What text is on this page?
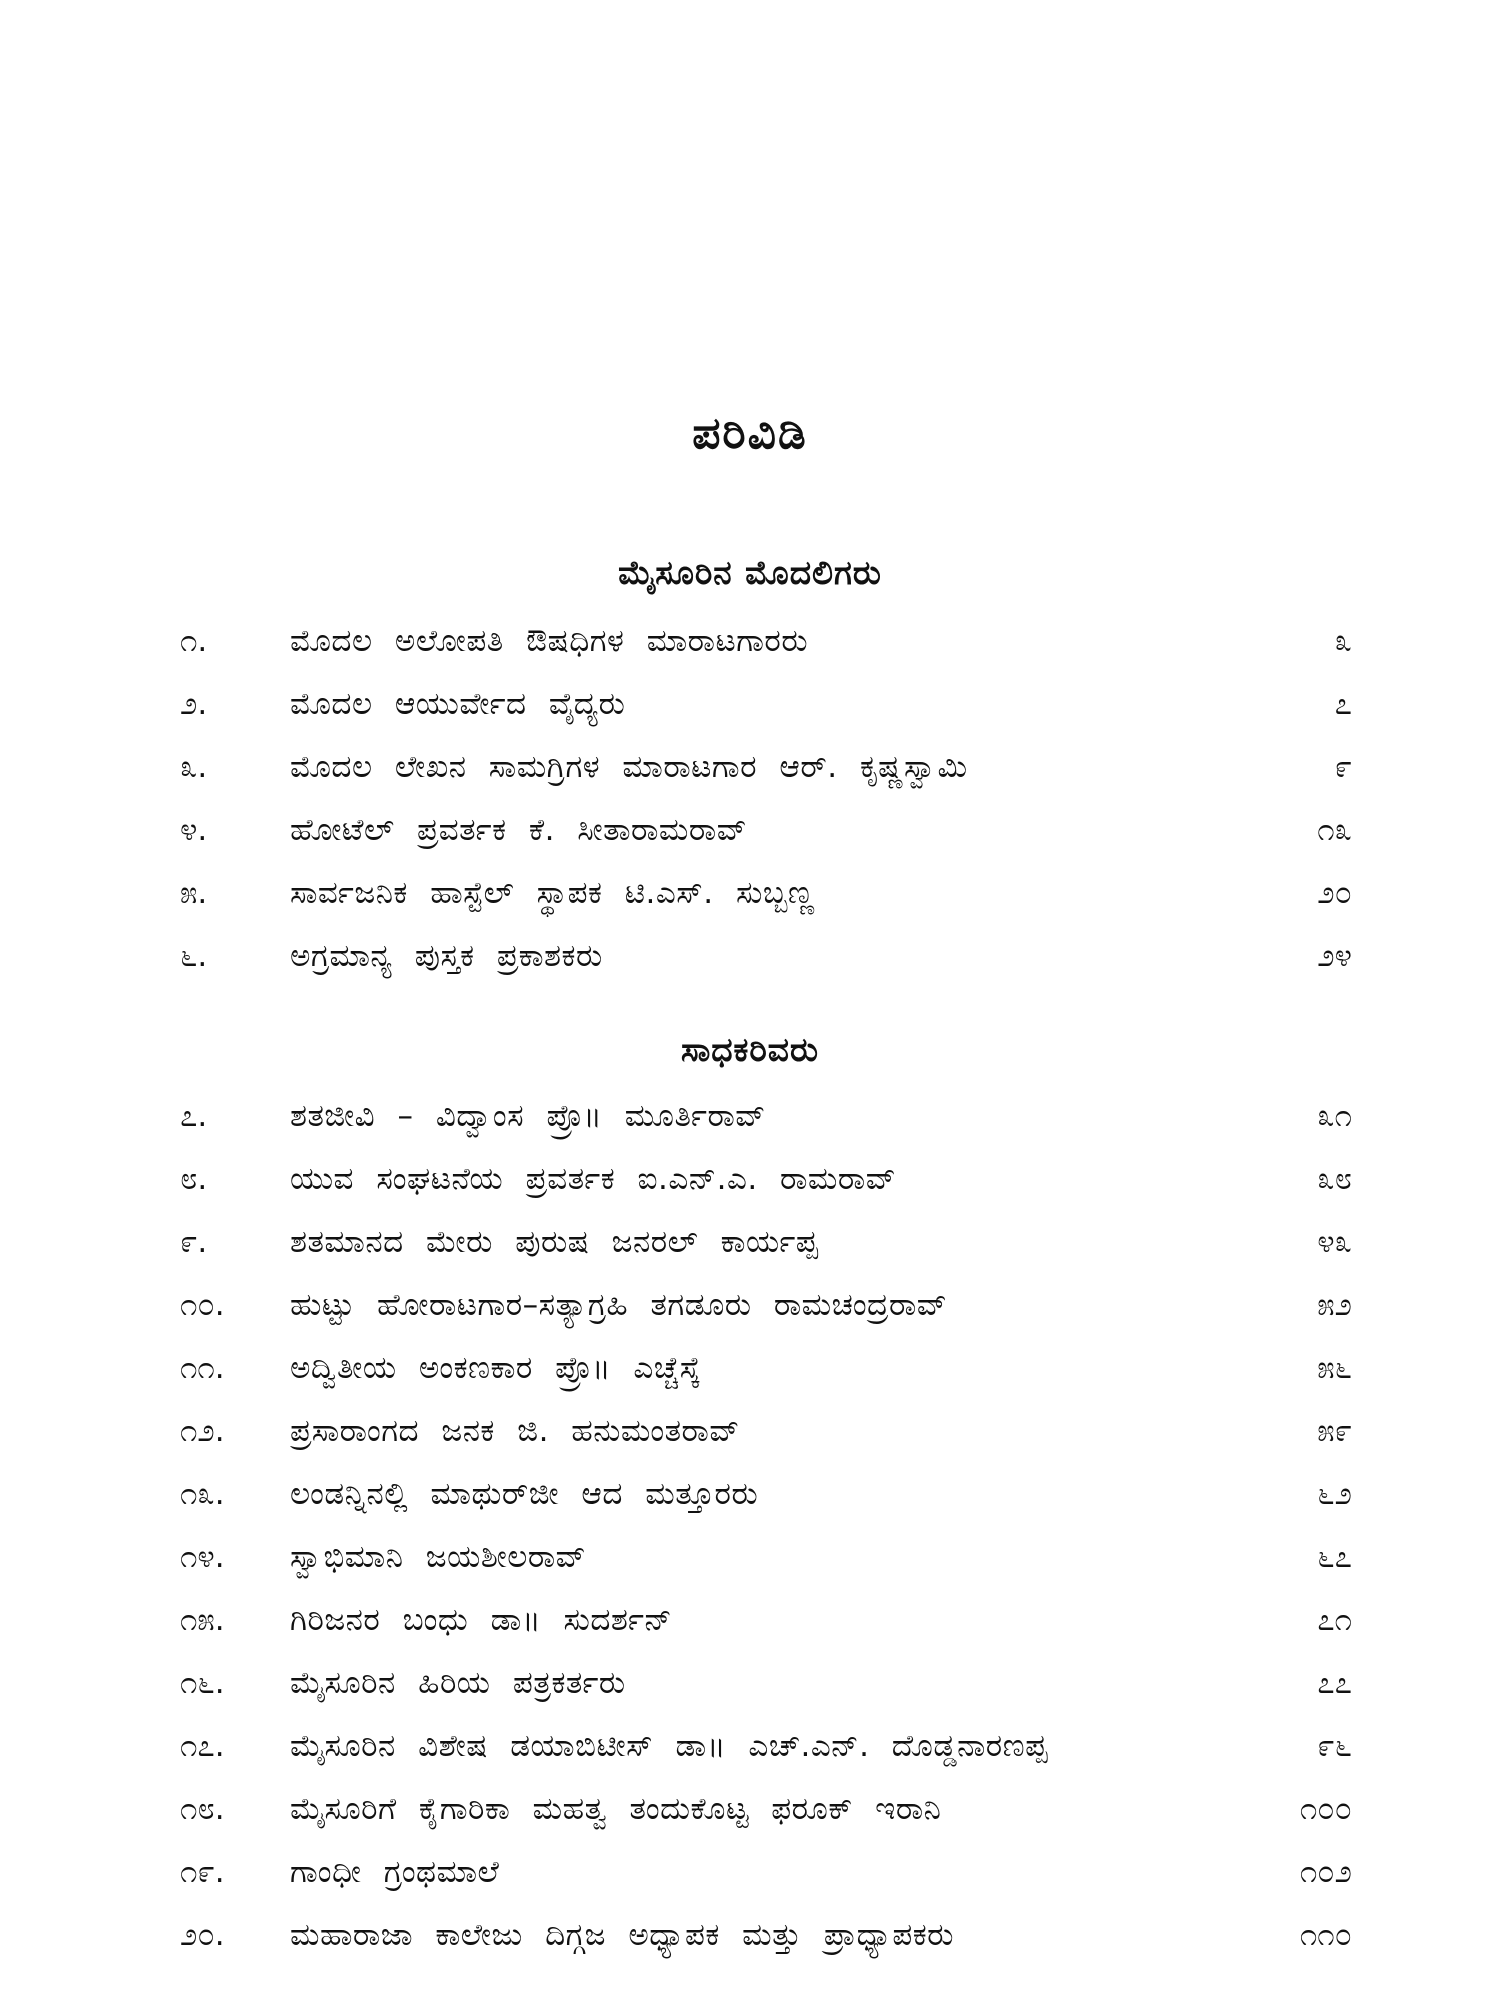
ಪರಿವಿಡಿ
ಮೈಸೂರಿನ ಮೊದಲಿಗರು
೧.	ಮೊದಲ ಅಲೋಪತಿ ಔಷಧಿಗಳ ಮಾರಾಟಗಾರರು	೩
೨.	ಮೊದಲ ಆಯುರ್ವೇದ ವೈದ್ಯರು	೭
೩.	ಮೊದಲ ಲೇಖನ ಸಾಮಗ್ರಿಗಳ ಮಾರಾಟಗಾರ ಆರ್. ಕೃಷ್ಣಸ್ವಾಮಿ	೯
೪.	ಹೋಟೆಲ್ ಪ್ರವರ್ತಕ ಕೆ. ಸೀತಾರಾಮರಾವ್	೧೩
೫.	ಸಾರ್ವಜನಿಕ ಹಾಸ್ಟೆಲ್ ಸ್ಥಾಪಕ ಟಿ.ಎಸ್. ಸುಬ್ಬಣ್ಣ	೨೦
೬.	ಅಗ್ರಮಾನ್ಯ ಪುಸ್ತಕ ಪ್ರಕಾಶಕರು	೨೪
ಸಾಧಕರಿವರು
೭.	ಶತಜೀವಿ – ವಿದ್ವಾಂಸ ಪ್ರೊ॥ ಮೂರ್ತಿರಾವ್	೩೧
೮.	ಯುವ ಸಂಘಟನೆಯ ಪ್ರವರ್ತಕ ಐ.ಎನ್.ಎ. ರಾಮರಾವ್	೩೮
೯.	ಶತಮಾನದ ಮೇರು ಪುರುಷ ಜನರಲ್ ಕಾರ್ಯಪ್ಪ	೪೩
೧೦.	ಹುಟ್ಟು ಹೋರಾಟಗಾರ–ಸತ್ಯಾಗ್ರಹಿ ತಗಡೂರು ರಾಮಚಂದ್ರರಾವ್	೫೨
೧೧.	ಅದ್ವಿತೀಯ ಅಂಕಣಕಾರ ಪ್ರೊ॥ ಎಚ್ಚೆಸ್ಕೆ	೫೬
೧೨.	ಪ್ರಸಾರಾಂಗದ ಜನಕ ಜಿ. ಹನುಮಂತರಾವ್	೫೯
೧೩.	ಲಂಡನ್ನಿನಲ್ಲಿ ಮಾಥುರ್‌ಜೀ ಆದ ಮತ್ತೂರರು	೬೨
೧೪.	ಸ್ವಾಭಿಮಾನಿ ಜಯಶೀಲರಾವ್	೬೭
೧೫.	ಗಿರಿಜನರ ಬಂಧು ಡಾ॥ ಸುದರ್ಶನ್	೭೧
೧೬.	ಮೈಸೂರಿನ ಹಿರಿಯ ಪತ್ರಕರ್ತರು	೭೭
೧೭.	ಮೈಸೂರಿನ ವಿಶೇಷ ಡಯಾಬಿಟೀಸ್ ಡಾ॥ ಎಚ್.ಎನ್. ದೊಡ್ಡನಾರಣಪ್ಪ	೯೬
೧೮.	ಮೈಸೂರಿಗೆ ಕೈಗಾರಿಕಾ ಮಹತ್ವ ತಂದುಕೊಟ್ಟ ಫರೂಕ್ ಇರಾನಿ	೧೦೦
೧೯.	ಗಾಂಧೀ ಗ್ರಂಥಮಾಲೆ	೧೦೨
೨೦.	ಮಹಾರಾಜಾ ಕಾಲೇಜು ದಿಗ್ಗಜ ಅಧ್ಯಾಪಕ ಮತ್ತು ಪ್ರಾಧ್ಯಾಪಕರು	೧೧೦
